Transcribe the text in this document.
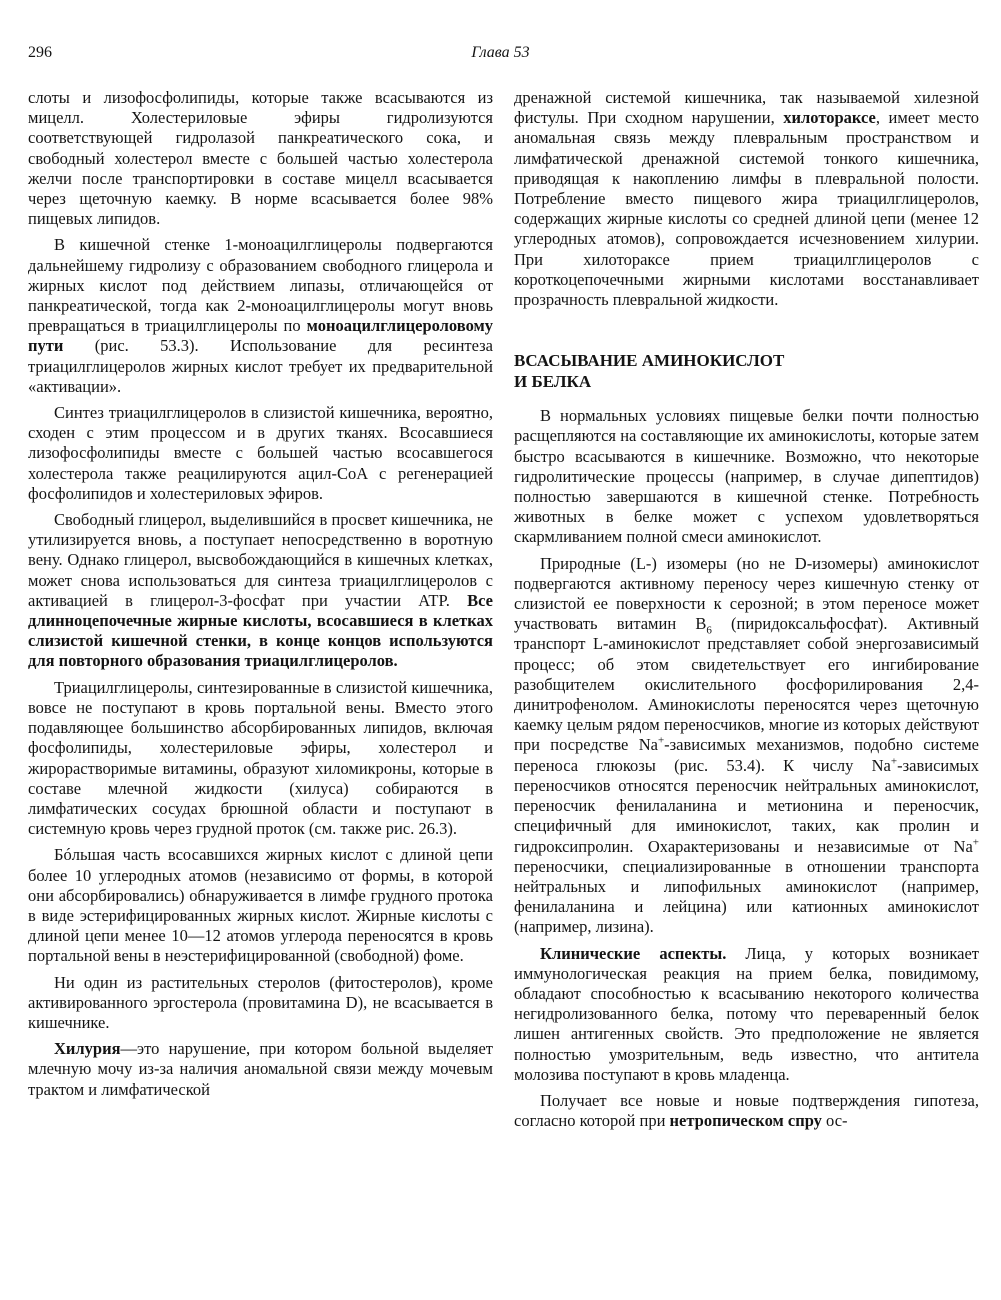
296	Глава 53

слоты и лизофосфолипиды, которые также всасываются из мицелл. Холестериловые эфиры гидролизуются соответствующей гидролазой панкреатического сока, и свободный холестерол вместе с большей частью холестерола желчи после транспортировки в составе мицелл всасывается через щеточную каемку. В норме всасывается более 98% пищевых липидов.

В кишечной стенке 1-моноацилглицеролы подвергаются дальнейшему гидролизу с образованием свободного глицерола и жирных кислот под действием липазы, отличающейся от панкреатической, тогда как 2-моноацилглицеролы могут вновь превращаться в триацилглицеролы по моноацилглицероловому пути (рис. 53.3). Использование для ресинтеза триацилглицеролов жирных кислот требует их предварительной «активации».

Синтез триацилглицеролов в слизистой кишечника, вероятно, сходен с этим процессом и в других тканях. Всосавшиеся лизофосфолипиды вместе с большей частью всосавшегося холестерола также реацилируются ацил-CoA с регенерацией фосфолипидов и холестериловых эфиров.

Свободный глицерол, выделившийся в просвет кишечника, не утилизируется вновь, а поступает непосредственно в воротную вену. Однако глицерол, высвобождающийся в кишечных клетках, может снова использоваться для синтеза триацилглицеролов с активацией в глицерол-3-фосфат при участии ATP. Все длинноцепочечные жирные кислоты, всосавшиеся в клетках слизистой кишечной стенки, в конце концов используются для повторного образования триацилглицеролов.

Триацилглицеролы, синтезированные в слизистой кишечника, вовсе не поступают в кровь портальной вены. Вместо этого подавляющее большинство абсорбированных липидов, включая фосфолипиды, холестериловые эфиры, холестерол и жирорастворимые витамины, образуют хиломикроны, которые в составе млечной жидкости (хилуса) собираются в лимфатических сосудах брюшной области и поступают в системную кровь через грудной проток (см. также рис. 26.3).

Бóльшая часть всосавшихся жирных кислот с длиной цепи более 10 углеродных атомов (независимо от формы, в которой они абсорбировались) обнаруживается в лимфе грудного протока в виде эстерифицированных жирных кислот. Жирные кислоты с длиной цепи менее 10—12 атомов углерода переносятся в кровь портальной вены в неэстерифицированной (свободной) фоме.

Ни один из растительных стеролов (фитостеролов), кроме активированного эргостерола (провитамина D), не всасывается в кишечнике.

Хилурия—это нарушение, при котором больной выделяет млечную мочу из-за наличия аномальной связи между мочевым трактом и лимфатической

дренажной системой кишечника, так называемой хилезной фистулы. При сходном нарушении, хилотораксе, имеет место аномальная связь между плевральным пространством и лимфатической дренажной системой тонкого кишечника, приводящая к накоплению лимфы в плевральной полости. Потребление вместо пищевого жира триацилглицеролов, содержащих жирные кислоты со средней длиной цепи (менее 12 углеродных атомов), сопровождается исчезновением хилурии. При хилотораксе прием триацилглицеролов с короткоцепочечными жирными кислотами восстанавливает прозрачность плевральной жидкости.

ВСАСЫВАНИЕ АМИНОКИСЛОТ
И БЕЛКА

В нормальных условиях пищевые белки почти полностью расщепляются на составляющие их аминокислоты, которые затем быстро всасываются в кишечнике. Возможно, что некоторые гидролитические процессы (например, в случае дипептидов) полностью завершаются в кишечной стенке. Потребность животных в белке может с успехом удовлетворяться скармливанием полной смеси аминокислот.

Природные (L-) изомеры (но не D-изомеры) аминокислот подвергаются активному переносу через кишечную стенку от слизистой ее поверхности к серозной; в этом переносе может участвовать витамин $B_6$ (пиридоксальфосфат). Активный транспорт L-аминокислот представляет собой энергозависимый процесс; об этом свидетельствует его ингибирование разобщителем окислительного фосфорилирования 2,4-динитрофенолом. Аминокислоты переносятся через щеточную каемку целым рядом переносчиков, многие из которых действуют при посредстве Na+-зависимых механизмов, подобно системе переноса глюкозы (рис. 53.4). К числу Na+-зависимых переносчиков относятся переносчик нейтральных аминокислот, переносчик фенилаланина и метионина и переносчик, специфичный для иминокислот, таких, как пролин и гидроксипролин. Охарактеризованы и независимые от Na+ переносчики, специализированные в отношении транспорта нейтральных и липофильных аминокислот (например, фенилаланина и лейцина) или катионных аминокислот (например, лизина).

Клинические аспекты. Лица, у которых возникает иммунологическая реакция на прием белка, повидимому, обладают способностью к всасыванию некоторого количества негидролизованного белка, потому что переваренный белок лишен антигенных свойств. Это предположение не является полностью умозрительным, ведь известно, что антитела молозива поступают в кровь младенца.

Получает все новые и новые подтверждения гипотеза, согласно которой при нетропическом спру ос-
